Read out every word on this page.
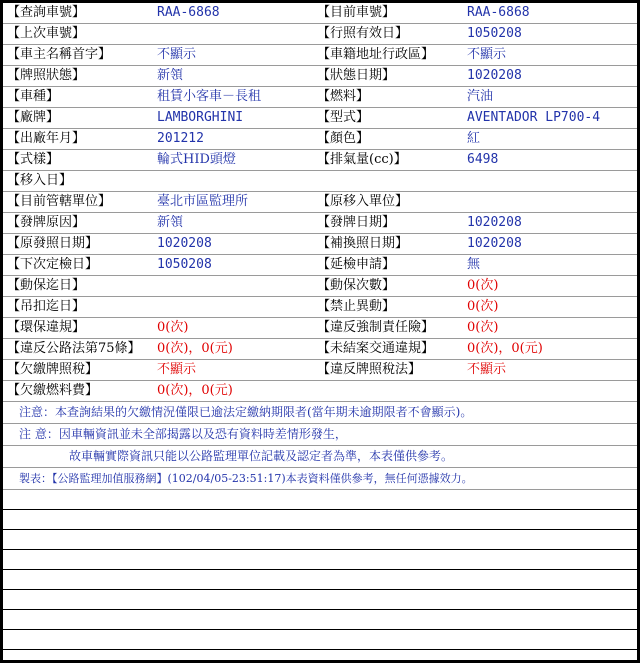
【查詢車號】	RAA-6868	【目前車號】	RAA-6868
【上次車號】		【行照有效日】	1050208
【車主名稱首字】	不顯示	【車籍地址行政區】	不顯示
【牌照狀態】	新領	【狀態日期】	1020208
【車種】	租賃小客車－長租	【燃料】	汽油
【廠牌】	LAMBORGHINI	【型式】	AVENTADOR LP700-4
【出廠年月】	201212	【顏色】	紅
【式樣】	輪式HID頭燈	【排氣量(cc)】	6498
【移入日】			
【目前管轄單位】	臺北市區監理所	【原移入單位】	
【發牌原因】	新領	【發牌日期】	1020208
【原發照日期】	1020208	【補換照日期】	1020208
【下次定檢日】	1050208	【延檢申請】	無
【動保迄日】		【動保次數】	0(次)
【吊扣迄日】		【禁止異動】	0(次)
【環保違規】	0(次)	【違反強制責任險】	0(次)
【違反公路法第75條】	0(次)，0(元)	【未結案交通違規】	0(次)，0(元)
【欠繳牌照稅】	不顯示	【違反牌照稅法】	不顯示
【欠繳燃料費】	0(次)，0(元)		
注意：本查詢結果的欠繳情況僅限已逾法定繳納期限者(當年期未逾期限者不會顯示)。
注 意：因車輛資訊並未全部揭露以及恐有資料時差情形發生，
故車輛實際資訊只能以公路監理單位記載及認定者為準，本表僅供參考。
製表：【公路監理加值服務網】(102/04/05-23:51:17)本表資料僅供參考，無任何憑據效力。
